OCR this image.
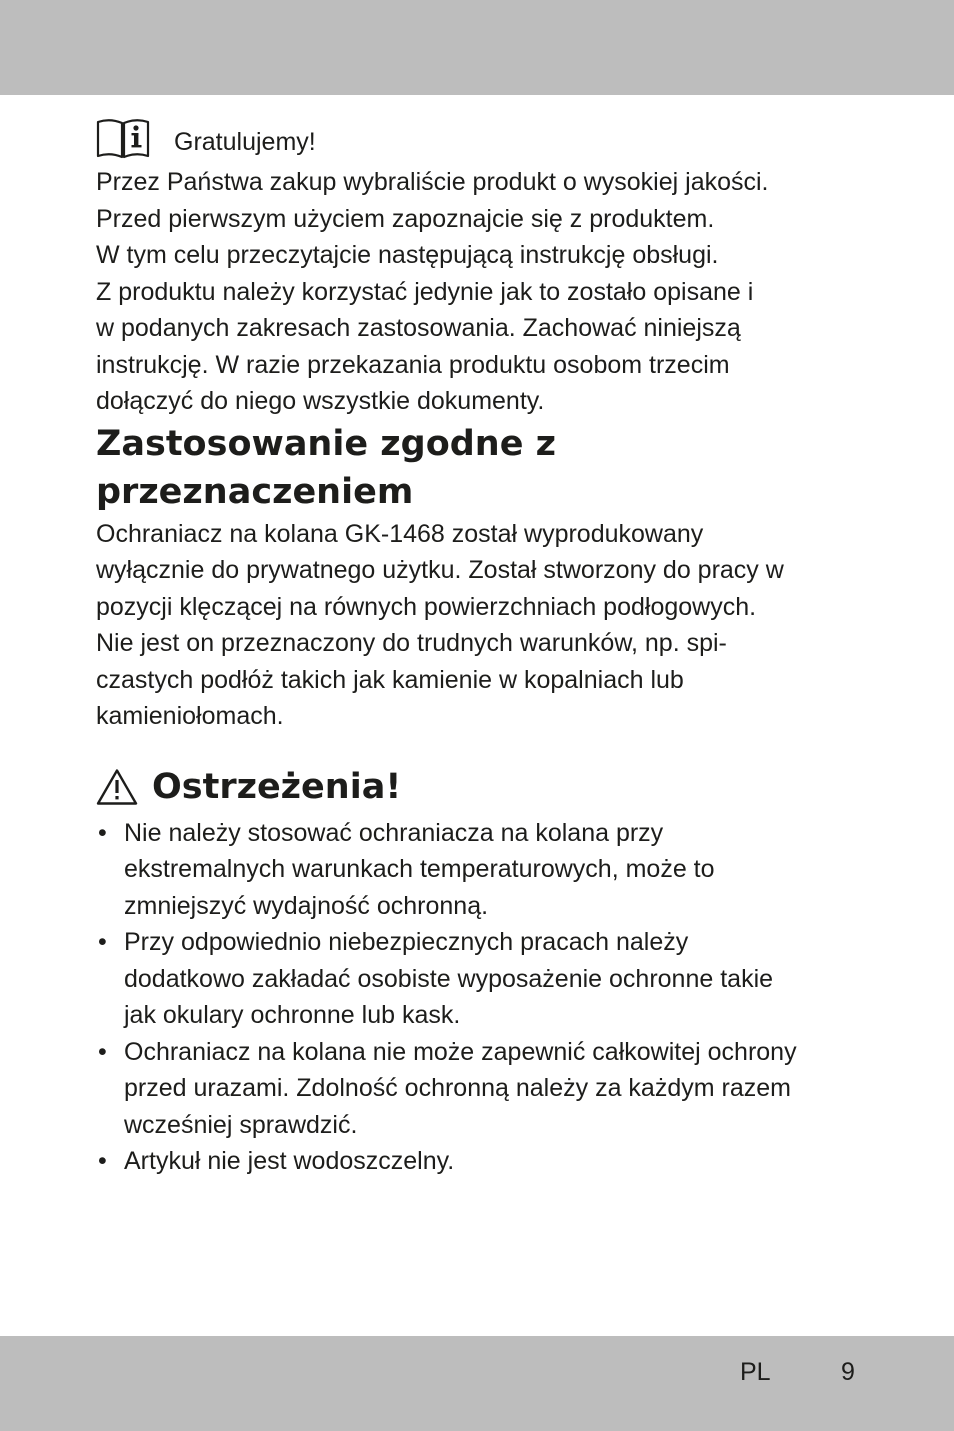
Gratulujemy!
Przez Państwa zakup wybraliście produkt o wysokiej jakości.
Przed pierwszym użyciem zapoznajcie się z produktem.
W tym celu przeczytajcie następującą instrukcję obsługi.
Z produktu należy korzystać jedynie jak to zostało opisane i
w podanych zakresach zastosowania. Zachować niniejszą
instrukcję. W razie przekazania produktu osobom trzecim
dołączyć do niego wszystkie dokumenty.
Zastosowanie zgodne z
przeznaczeniem
Ochraniacz na kolana GK-1468 został wyprodukowany
wyłącznie do prywatnego użytku. Został stworzony do pracy w
pozycji klęczącej na równych powierzchniach podłogowych.
Nie jest on przeznaczony do trudnych warunków, np. spi-
czastych podłóż takich jak kamienie w kopalniach lub
kamieniołomach.
Ostrzeżenia!
• Nie należy stosować ochraniacza na kolana przy
ekstremalnych warunkach temperaturowych, może to
zmniejszyć wydajność ochronną.
• Przy odpowiednio niebezpiecznych pracach należy
dodatkowo zakładać osobiste wyposażenie ochronne takie
jak okulary ochronne lub kask.
• Ochraniacz na kolana nie może zapewnić całkowitej ochrony
przed urazami. Zdolność ochronną należy za każdym razem
wcześniej sprawdzić.
• Artykuł nie jest wodoszczelny.
PL	9
